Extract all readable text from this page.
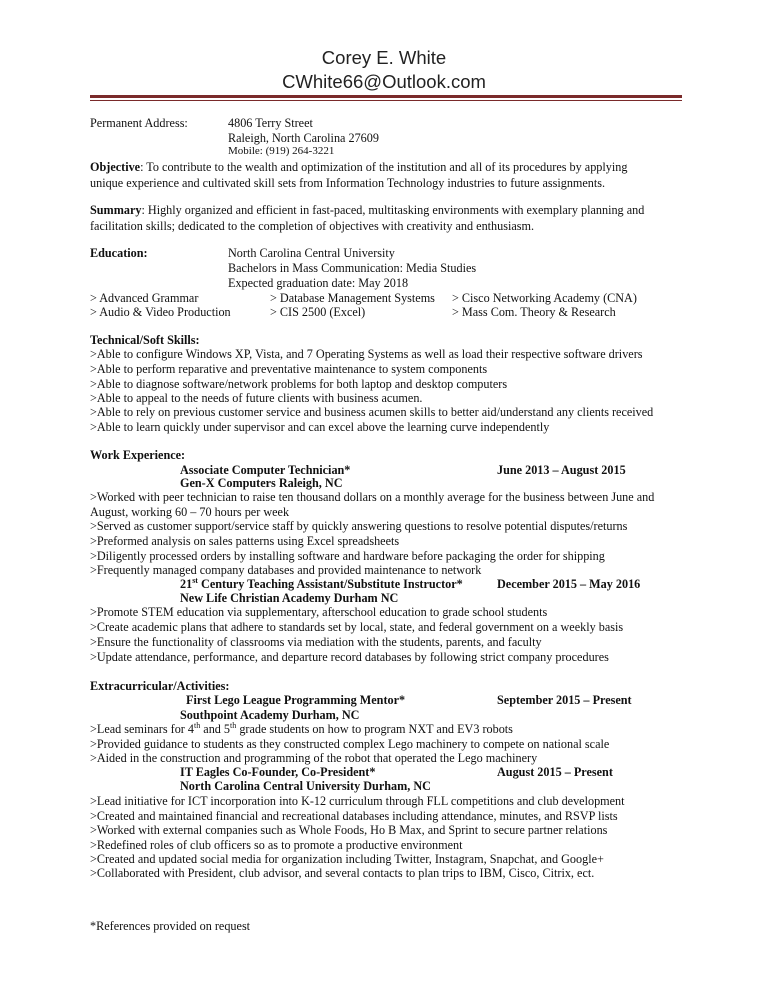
Corey E. White
CWhite66@Outlook.com
Permanent Address:	4806 Terry Street
Raleigh, North Carolina 27609
Mobile: (919) 264-3221
Objective: To contribute to the wealth and optimization of the institution and all of its procedures by applying
unique experience and cultivated skill sets from Information Technology industries to future assignments.
Summary: Highly organized and efficient in fast-paced, multitasking environments with exemplary planning and
facilitation skills; dedicated to the completion of objectives with creativity and enthusiasm.
Education:	North Carolina Central University
Bachelors in Mass Communication: Media Studies
Expected graduation date: May 2018
> Advanced Grammar	> Database Management Systems > Cisco Networking Academy (CNA)
> Audio & Video Production	> CIS 2500 (Excel)	> Mass Com. Theory & Research
Technical/Soft Skills:
>Able to configure Windows XP, Vista, and 7 Operating Systems as well as load their respective software drivers
>Able to perform reparative and preventative maintenance to system components
>Able to diagnose software/network problems for both laptop and desktop computers
>Able to appeal to the needs of future clients with business acumen.
>Able to rely on previous customer service and business acumen skills to better aid/understand any clients received
>Able to learn quickly under supervisor and can excel above the learning curve independently
Work Experience:
Associate Computer Technician*	June 2013 – August 2015
Gen-X Computers Raleigh, NC
>Worked with peer technician to raise ten thousand dollars on a monthly average for the business between June and
August, working 60 – 70 hours per week
>Served as customer support/service staff by quickly answering questions to resolve potential disputes/returns
>Preformed analysis on sales patterns using Excel spreadsheets
>Diligently processed orders by installing software and hardware before packaging the order for shipping
>Frequently managed company databases and provided maintenance to network
21st Century Teaching Assistant/Substitute Instructor*	December 2015 – May 2016
New Life Christian Academy Durham NC
>Promote STEM education via supplementary, afterschool education to grade school students
>Create academic plans that adhere to standards set by local, state, and federal government on a weekly basis
>Ensure the functionality of classrooms via mediation with the students, parents, and faculty
>Update attendance, performance, and departure record databases by following strict company procedures
Extracurricular/Activities:
First Lego League Programming Mentor*	September 2015 – Present
Southpoint Academy Durham, NC
>Lead seminars for 4th and 5th grade students on how to program NXT and EV3 robots
>Provided guidance to students as they constructed complex Lego machinery to compete on national scale
>Aided in the construction and programming of the robot that operated the Lego machinery
IT Eagles Co-Founder, Co-President*	August 2015 – Present
North Carolina Central University Durham, NC
>Lead initiative for ICT incorporation into K-12 curriculum through FLL competitions and club development
>Created and maintained financial and recreational databases including attendance, minutes, and RSVP lists
>Worked with external companies such as Whole Foods, Ho B Max, and Sprint to secure partner relations
>Redefined roles of club officers so as to promote a productive environment
>Created and updated social media for organization including Twitter, Instagram, Snapchat, and Google+
>Collaborated with President, club advisor, and several contacts to plan trips to IBM, Cisco, Citrix, ect.
*References provided on request
